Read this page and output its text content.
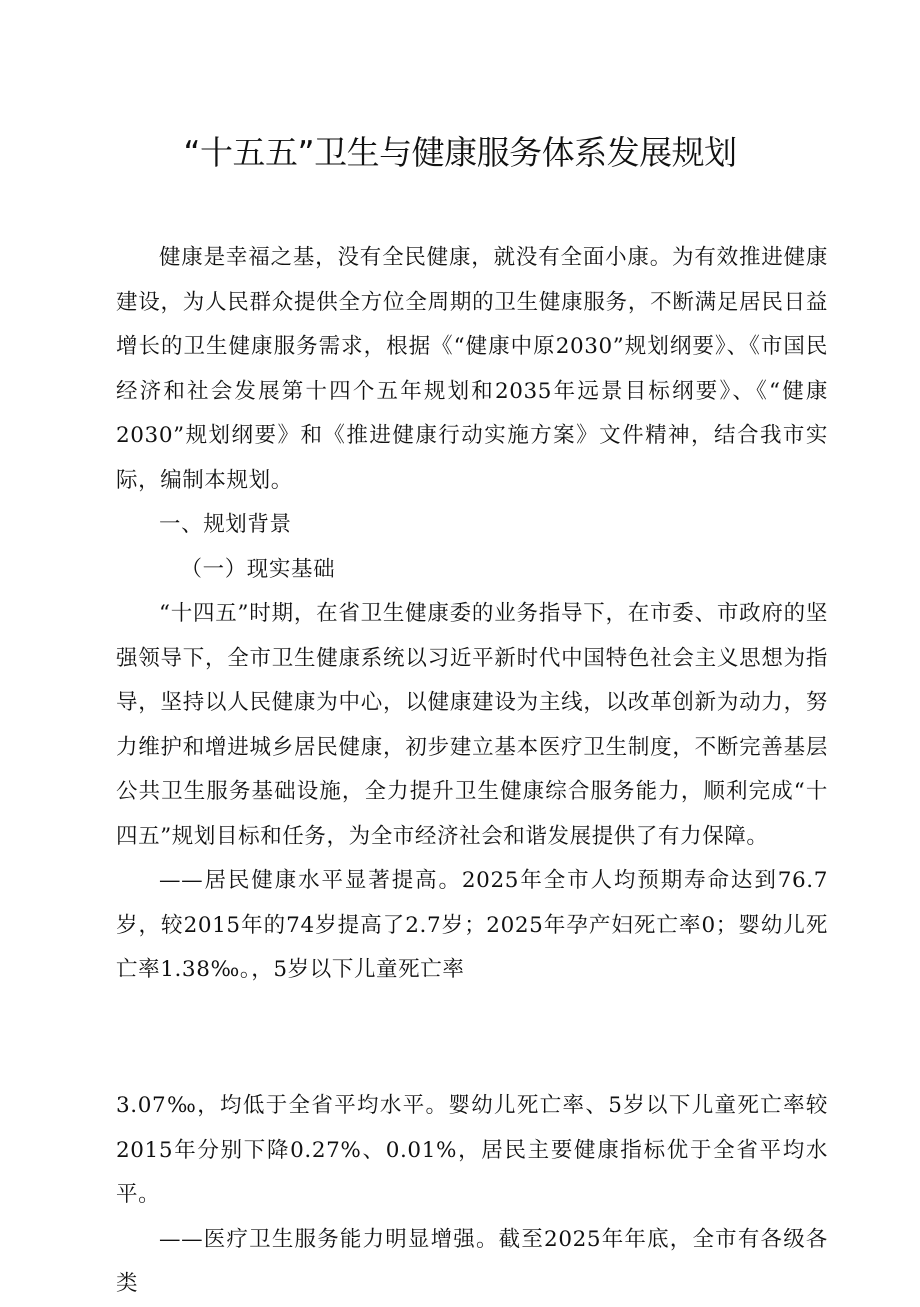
“十五五”卫生与健康服务体系发展规划

健康是幸福之基，没有全民健康，就没有全面小康。为有效推进健康建设，为人民群众提供全方位全周期的卫生健康服务，不断满足居民日益增长的卫生健康服务需求，根据《“健康中原2030”规划纲要》、《市国民经济和社会发展第十四个五年规划和2035年远景目标纲要》、《“健康2030”规划纲要》和《推进健康行动实施方案》文件精神，结合我市实际，编制本规划。

一、规划背景

（一）现实基础

“十四五”时期，在省卫生健康委的业务指导下，在市委、市政府的坚强领导下，全市卫生健康系统以习近平新时代中国特色社会主义思想为指导，坚持以人民健康为中心，以健康建设为主线，以改革创新为动力，努力维护和增进城乡居民健康，初步建立基本医疗卫生制度，不断完善基层公共卫生服务基础设施，全力提升卫生健康综合服务能力，顺利完成“十四五”规划目标和任务，为全市经济社会和谐发展提供了有力保障。

——居民健康水平显著提高。2025年全市人均预期寿命达到76.7岁，较2015年的74岁提高了2.7岁；2025年孕产妇死亡率0；婴幼儿死亡率1.38‰。，5岁以下儿童死亡率

3.07‰，均低于全省平均水平。婴幼儿死亡率、5岁以下儿童死亡率较2015年分别下降0.27%、0.01%，居民主要健康指标优于全省平均水平。

——医疗卫生服务能力明显增强。截至2025年年底，全市有各级各类
